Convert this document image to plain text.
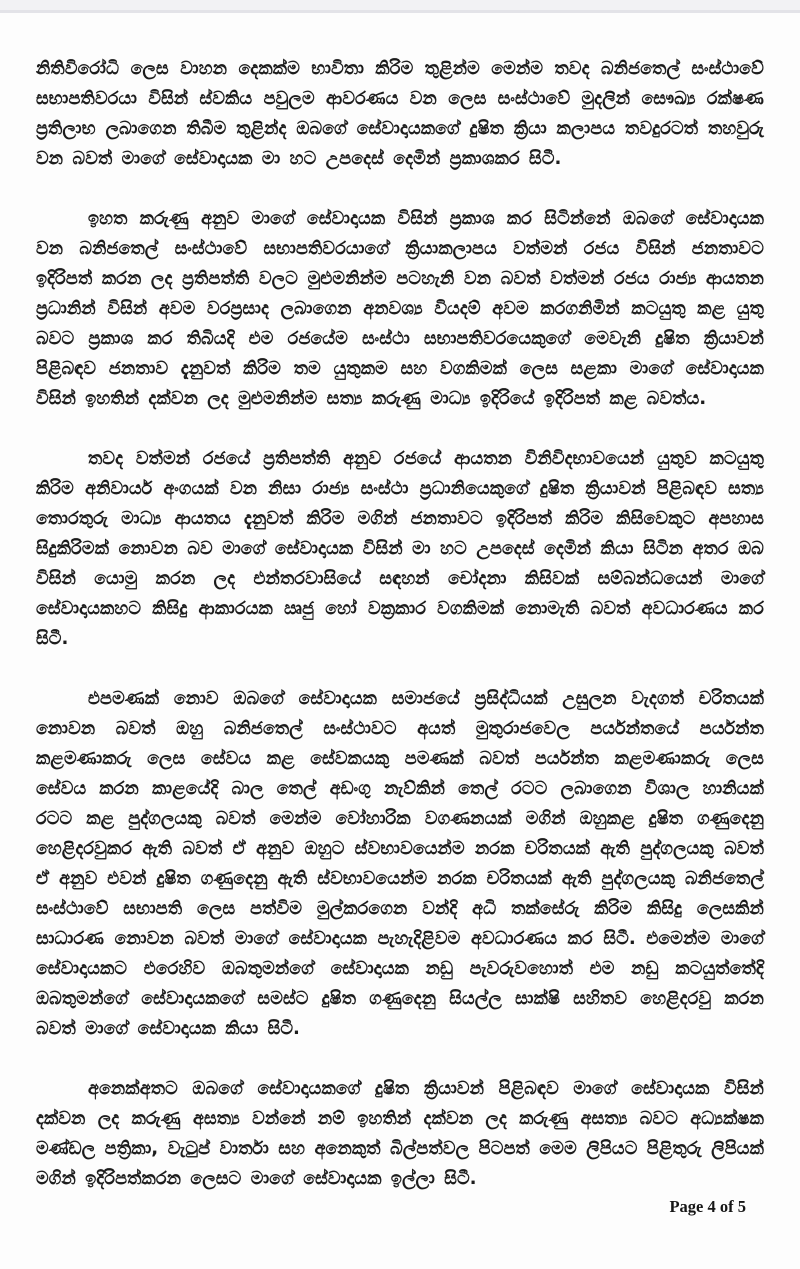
නිතිවිරෝධි ලෙස වාහන දෙකක්ම භාවිතා කිරිම තුළින්ම මෙන්ම තවද බනිජතෙල් සංස්ථාවේ සභාපතිවරයා විසින් ස්වකිය පවුලම ආවරණය වන ලෙස සංස්ථාවේ මුදලින් සෞඛ්‍ය රක්ෂණ ප්‍රතිලාභ ලබාගෙන තිබීම තුළින්ද ඔබගේ සේවාදායකගේ දුෂිත ක්‍රියා කලාපය තවදුරටත් තහවුරු වන බවත් මාගේ සේවාදායක මා හට උපදෙස් දෙමින් ප්‍රකාශකර සිටී.

ඉහත කරුණු අනුව මාගේ සේවාදායක විසින් ප්‍රකාශ කර සිටින්නේ ඔබගේ සේවාදායක වන බනිජතෙල් සංස්ථාවේ සභාපතිවරයාගේ ක්‍රියාකලාපය වත්මන් රජය විසින් ජනතාවට ඉදිරිපත් කරන ලද ප්‍රතිපත්ති වලට මුළුමනින්ම පටහැනි වන බවත් වත්මන් රජය රාජ්‍ය ආයතන ප්‍රධානින් විසින් අවම වරප්‍රසාද ලබාගෙන අනවශ්‍ය වියදම් අවම කරගනිමින් කටයුතු කළ යුතු බවට ප්‍රකාශ කර තිබියදි එම රජයේම සංස්ථා සභාපතිවරයෙකුගේ මෙවැනි දුෂිත ක්‍රියාවන් පිළිබඳව ජනතාව දැනුවත් කිරිම තම යුතුකම සහ වගකිමක් ලෙස සළකා මාගේ සේවාදායක විසින් ඉහතින් දක්වන ලද මුළුමනින්ම සත්‍ය කරුණු මාධ්‍ය ඉදිරියේ ඉදිරිපත් කළ බවත්ය.

තවද වත්මන් රජයේ ප්‍රතිපත්ති අනුව රජයේ ආයතන විනිවිදභාවයෙන් යුතුව කටයුතු කිරිම අනිවාර්ය අංගයක් වන නිසා රාජ්‍ය සංස්ථා ප්‍රධානියෙකුගේ දුෂිත ක්‍රියාවන් පිළිබඳව සත්‍ය තොරතුරු මාධ්‍ය ආයතය දැනුවත් කිරිම මගින් ජනතාවට ඉදිරිපත් කිරිම කිසිවෙකුට අපහාස සිදුකිරිමක් නොවන බව මාගේ සේවාදායක විසින් මා හට උපදෙස් දෙමින් කියා සිටින අතර ඔබ විසින් යොමු කරන ලද එන්තරවාසියේ සඳහන් චෝදනා කිසිවක් සම්බන්ධයෙන් මාගේ සේවාදායකහට කිසිදු ආකාරයක ඍජු හෝ වක්‍රකාර වගකිමක් නොමැති බවත් අවධාරණය කර සිටී.

එපමණක් නොව ඔබගේ සේවාදායක සමාජයේ ප්‍රසිද්ධියක් උසුලන වැදගත් චරිතයක් නොවන බවත් ඔහු බනිජතෙල් සංස්ථාවට අයත් මුතුරාජවෙල පර්යන්තයේ පර්යන්ත කළමණාකරු ලෙස සේවය කළ සේවකයකු පමණක් බවත් පර්යන්ත කළමණාකරු ලෙස සේවය කරන කාළයේදි බාල තෙල් අඩංගු නැව්කින් තෙල් රටට ලබාගෙන විශාල හානියක් රටට කළ පුද්ගලයකු බවත් මෙන්ම වෝහාරික වගණනයක් මගින් ඔහුකළ දුෂිත ගණුදෙනු හෙළිදරවුකර ඇති බවත් ඒ අනුව ඔහුට ස්වභාවයෙන්ම නරක චරිතයක් ඇති පුද්ගලයකු බවත් ඒ අනුව එවන් දුෂිත ගණුදෙනු ඇති ස්වභාවයෙන්ම නරක චරිතයක් ඇති පුද්ගලයකු බනිජතෙල් සංස්ථාවේ සභාපති ලෙස පත්විම මුල්කරගෙන වන්දි අධි තක්සේරු කිරිම කිසිදු ලෙසකින් සාධාරණ නොවන බවත් මාගේ සේවාදායක පැහැදිළිවම අවධාරණය කර සිටී. එමෙන්ම මාගේ සේවාදායකට එරෙහිව ඔබතුමන්ගේ සේවාදායක නඩු පැවරුවහොත් එම නඩු කටයුත්තේදි ඔබතුමන්ගේ සේවාදායකගේ සමස්ට දුෂිත ගණුදෙනු සියල්ල සාක්ෂි සහිතව හෙළිදරවු කරන බවත් මාගේ සේවාදායක කියා සිටී.

අනෙක්අතට ඔබගේ සේවාදායකගේ දුෂිත ක්‍රියාවන් පිළිබඳව මාගේ සේවාදායක විසින් දක්වන ලද කරුණු අසත්‍ය වන්නේ නම් ඉහතින් දක්වන ලද කරුණු අසත්‍ය බවට අධ්‍යක්ෂක මණ්ඩල පත්‍රිකා, වැටුප් වාර්තා සහ අනෙකුත් බිල්පත්වල පිටපත් මෙම ලිපියට පිළිතුරු ලිපියක් මගින් ඉදිරිපත්කරන ලෙසට මාගේ සේවාදායක ඉල්ලා සිටී.

Page 4 of 5
